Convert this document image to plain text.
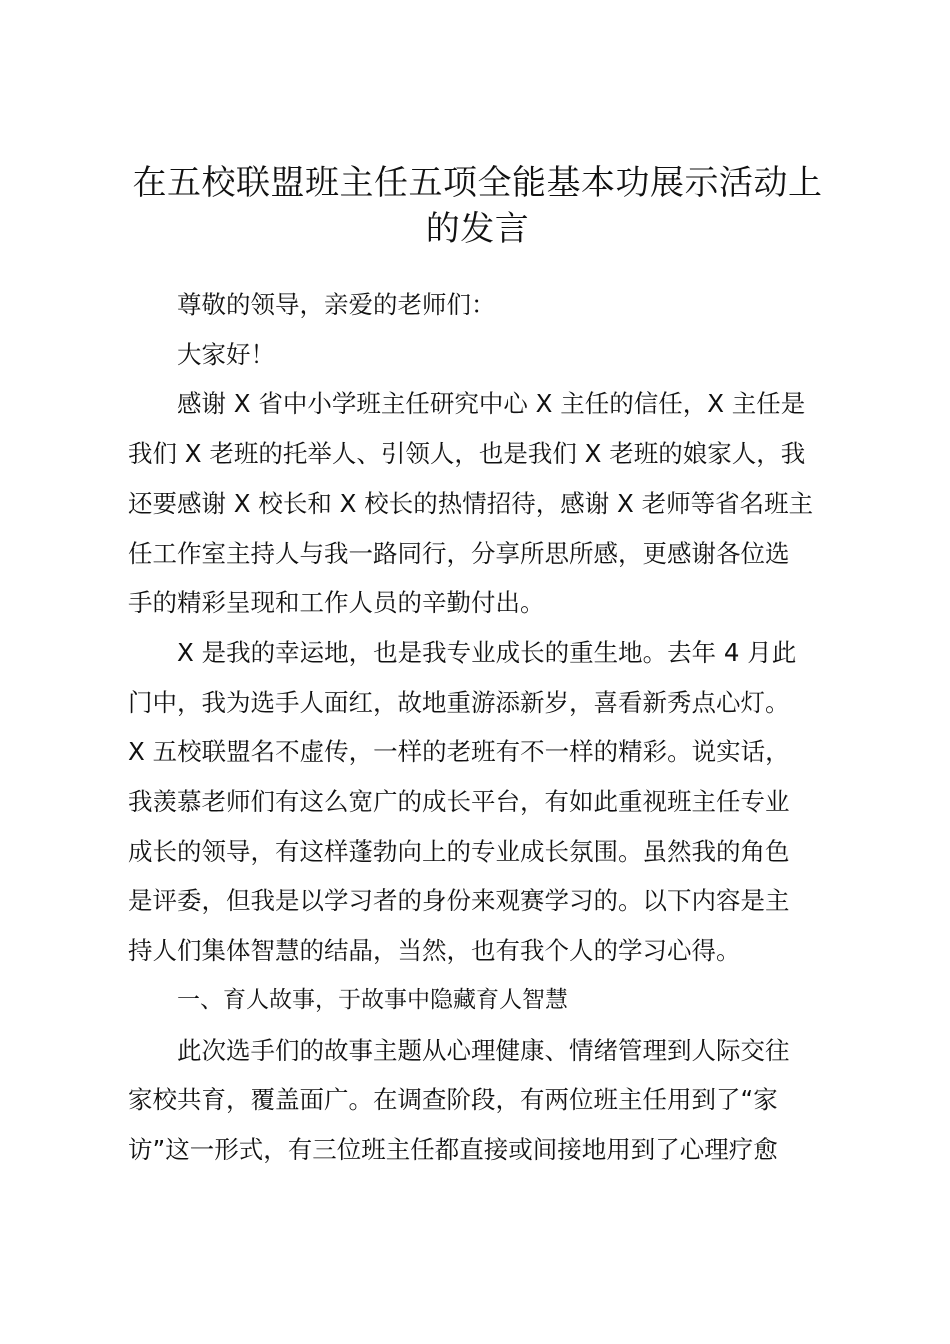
在五校联盟班主任五项全能基本功展示活动上
的发言
尊敬的领导，亲爱的老师们：
大家好！
感谢 X 省中小学班主任研究中心 X 主任的信任，X 主任是
我们 X 老班的托举人、引领人，也是我们 X 老班的娘家人，我
还要感谢 X 校长和 X 校长的热情招待，感谢 X 老师等省名班主
任工作室主持人与我一路同行，分享所思所感，更感谢各位选
手的精彩呈现和工作人员的辛勤付出。
X 是我的幸运地，也是我专业成长的重生地。去年 4 月此
门中，我为选手人面红，故地重游添新岁，喜看新秀点心灯。
X 五校联盟名不虚传，一样的老班有不一样的精彩。说实话，
我羡慕老师们有这么宽广的成长平台，有如此重视班主任专业
成长的领导，有这样蓬勃向上的专业成长氛围。虽然我的角色
是评委，但我是以学习者的身份来观赛学习的。以下内容是主
持人们集体智慧的结晶，当然，也有我个人的学习心得。
一、育人故事，于故事中隐藏育人智慧
此次选手们的故事主题从心理健康、情绪管理到人际交往
家校共育，覆盖面广。在调查阶段，有两位班主任用到了“家
访”这一形式，有三位班主任都直接或间接地用到了心理疗愈
